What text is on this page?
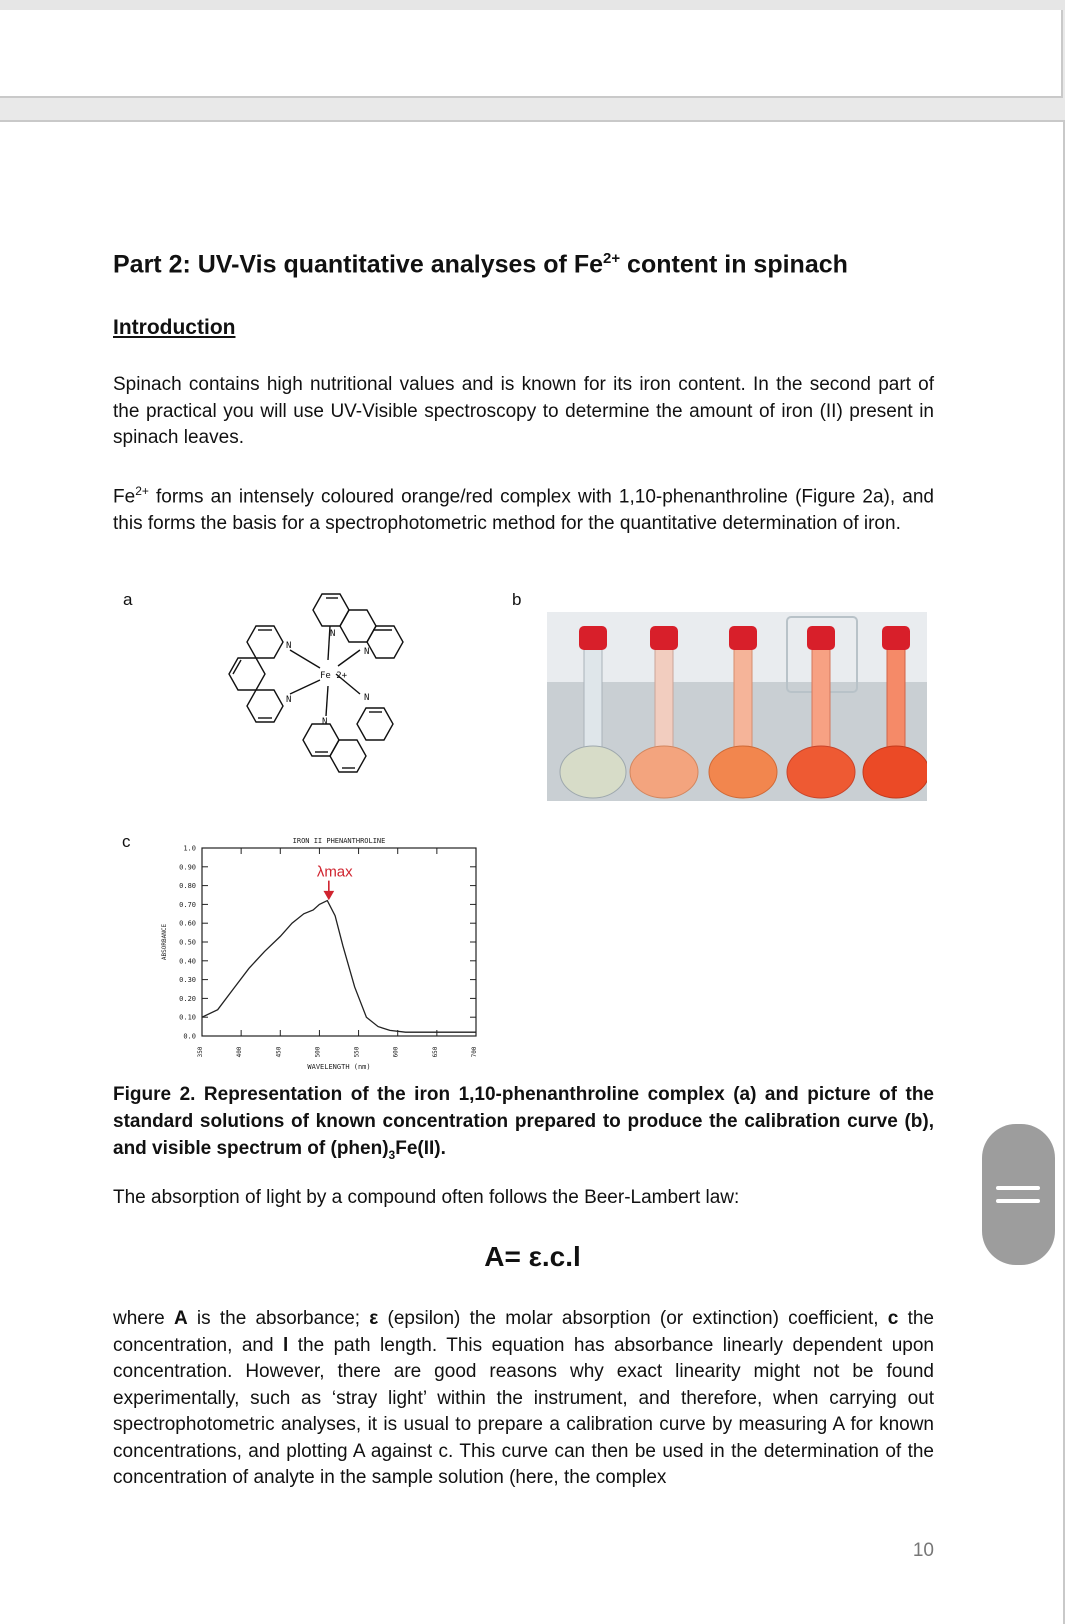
Part 2: UV-Vis quantitative analyses of $Fe^{2+}$ content in spinach
Introduction
Spinach contains high nutritional values and is known for its iron content. In the second part of the practical you will use UV-Visible spectroscopy to determine the amount of iron (II) present in spinach leaves.
$Fe^{2+}$ forms an intensely coloured orange/red complex with 1,10-phenanthroline (Figure 2a), and this forms the basis for a spectrophotometric method for the quantitative determination of iron.
a	b
c
N
N
N
N	N
N
Fe 2+
IRON II PHENANTHROLINE
WAVELENGTH (nm)
ABSORBANCE
1.0
0.90
0.80
0.70
0.60
0.50
0.40
0.30
0.20
0.10
0.0
350	400	450	500	550	600	650	700
λmax
Figure 2. Representation of the iron 1,10-phenanthroline complex (a) and picture of the standard solutions of known concentration prepared to produce the calibration curve (b), and visible spectrum of $(phen)_3Fe(II)$.
The absorption of light by a compound often follows the Beer-Lambert law:
A= ε.c.l
where A is the absorbance; ε (epsilon) the molar absorption (or extinction) coefficient, c the concentration, and l the path length. This equation has absorbance linearly dependent upon concentration. However, there are good reasons why exact linearity might not be found experimentally, such as ‘stray light’ within the instrument, and therefore, when carrying out spectrophotometric analyses, it is usual to prepare a calibration curve by measuring A for known concentrations, and plotting A against c. This curve can then be used in the determination of the concentration of analyte in the sample solution (here, the complex
10
